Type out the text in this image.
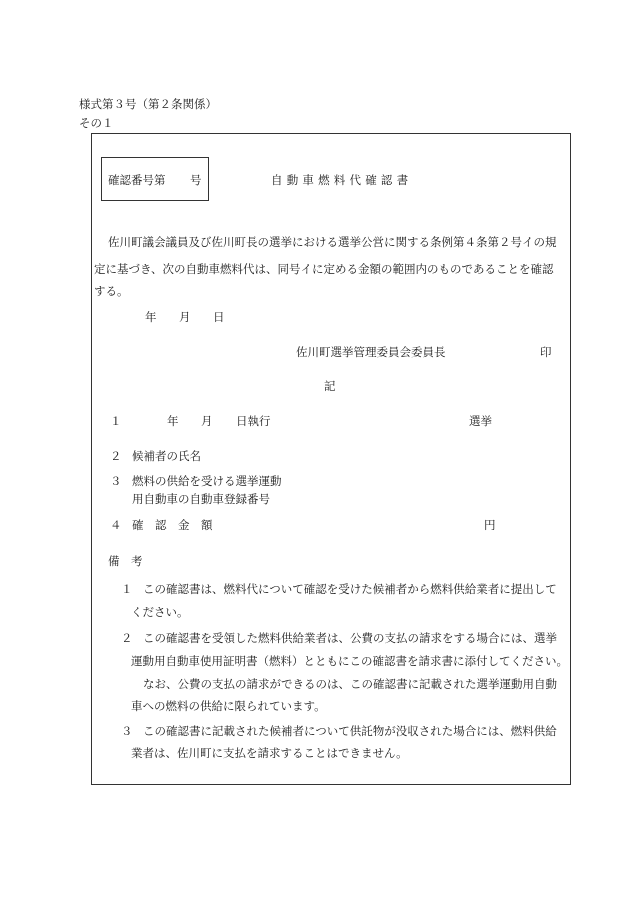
様式第３号（第２条関係）
その１
確認番号第 号	自動車燃料代確認書
佐川町議会議員及び佐川町長の選挙における選挙公営に関する条例第４条第２号イの規
定に基づき、次の自動車燃料代は、同号イに定める金額の範囲内のものであることを確認
する。
年 月 日
佐川町選挙管理委員会委員長	印
記
１	年 月 日執行	選挙
２ 候補者の氏名
３ 燃料の供給を受ける選挙運動
用自動車の自動車登録番号
４ 確　認　金　額	円
備　考
１ この確認書は、燃料代について確認を受けた候補者から燃料供給業者に提出して
ください。
２ この確認書を受領した燃料供給業者は、公費の支払の請求をする場合には、選挙
運動用自動車使用証明書（燃料）とともにこの確認書を請求書に添付してください。
なお、公費の支払の請求ができるのは、この確認書に記載された選挙運動用自動
車への燃料の供給に限られています。
３ この確認書に記載された候補者について供託物が没収された場合には、燃料供給
業者は、佐川町に支払を請求することはできません。
